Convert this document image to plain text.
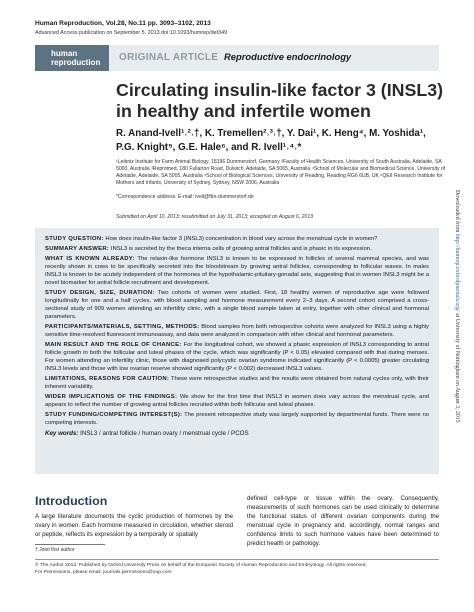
Human Reproduction, Vol.28, No.11 pp. 3093–3102, 2013
Advanced Access publication on September 5, 2013 doi:10.1093/humrep/det349
human
reproduction	ORIGINAL ARTICLE Reproductive endocrinology
Circulating insulin-like factor 3 (INSL3)
in healthy and infertile women
R. Anand-Ivell¹˒²˒†, K. Tremellen²˒³˒†, Y. Dai¹, K. Heng⁴, M. Yoshida¹,
P.G. Knight⁵, G.E. Hale⁶, and R. Ivell¹˒⁴˒*
¹Leibniz Institute for Farm Animal Biology, 18196 Dummerstorf, Germany ²Faculty of Health Sciences, University of South Australia, Adelaide, SA 5000, Australia ³Repromed, 180 Fullarton Road, Dulwich, Adelaide, SA 5065, Australia ⁴School of Molecular and Biomedical Science, University of Adelaide, Adelaide, SA 5005, Australia ⁵School of Biological Sciences, University of Reading, Reading RG6 6UB, UK ⁶QEII Research Institute for Mothers and Infants, University of Sydney, Sydney, NSW 2006, Australia
*Correspondence address. E-mail: ivell@fbn-dummerstorf.de
Submitted on April 10, 2013; resubmitted on July 31, 2013; accepted on August 6, 2013

STUDY QUESTION: How does insulin-like factor 3 (INSL3) concentration in blood vary across the menstrual cycle in women?

SUMMARY ANSWER: INSL3 is secreted by the theca interna cells of growing antral follicles and is phasic in its expression.

WHAT IS KNOWN ALREADY: The relaxin-like hormone INSL3 is known to be expressed in follicles of several mammal species, and was recently shown in cows to be specifically secreted into the bloodstream by growing antral follicles, corresponding to follicular waves. In males INSL3 is known to be acutely independent of the hormones of the hypothalamic-pituitary-gonadal axis, suggesting that in women INSL3 might be a novel biomarker for antral follicle recruitment and development.

STUDY DESIGN, SIZE, DURATION: Two cohorts of women were studied. First, 18 healthy women of reproductive age were followed longitudinally for one and a half cycles, with blood sampling and hormone measurement every 2–3 days. A second cohort comprised a cross-sectional study of 909 women attending an infertility clinic, with a single blood sample taken at entry, together with other clinical and hormonal parameters.

PARTICIPANTS/MATERIALS, SETTING, METHODS: Blood samples from both retrospective cohorts were analyzed for INSL3 using a highly sensitive time-resolved fluorescent immunoassay, and data were analyzed in comparison with other clinical and hormonal parameters.

MAIN RESULT AND THE ROLE OF CHANCE: For the longitudinal cohort, we showed a phasic expression of INSL3 corresponding to antral follicle growth in both the follicular and luteal phases of the cycle, which was significantly (P < 0.05) elevated compared with that during menses. For women attending an infertility clinic, those with diagnosed polycystic ovarian syndrome indicated significantly (P < 0.0005) greater circulating INSL3 levels and those with low ovarian reserve showed significantly (P < 0.002) decreased INSL3 values.

LIMITATIONS, REASONS FOR CAUTION: These were retrospective studies and the results were obtained from natural cycles only, with their inherent variability.

WIDER IMPLICATIONS OF THE FINDINGS: We show for the first time that INSL3 in women does vary across the menstrual cycle, and appears to reflect the number of growing antral follicles recruited within both follicular and luteal phases.

STUDY FUNDING/COMPETING INTEREST(S): The present retrospective study was largely supported by departmental funds. There were no competing interests.

Key words: INSL3 / antral follicle / human ovary / menstrual cycle / PCOS

Introduction
A large literature documents the cyclic production of hormones by the ovary in women. Each hormone measured in circulation, whether steroid or peptide, reflects its expression by a temporally or spatially
defined cell-type or tissue within the ovary. Consequently, measurements of such hormones can be used clinically to determine the functional status of different ovarian components during the menstrual cycle in pregnancy and, accordingly, normal ranges and confidence limits to such hormone values have been determined to predict health or pathology.
† Joint first author
© The Author 2013. Published by Oxford University Press on behalf of the European Society of Human Reproduction and Embryology. All rights reserved.
For Permissions, please email: journals.permissions@oup.com
Downloaded from http://humrep.oxfordjournals.org/ at University of Nottingham on August 3, 2015
